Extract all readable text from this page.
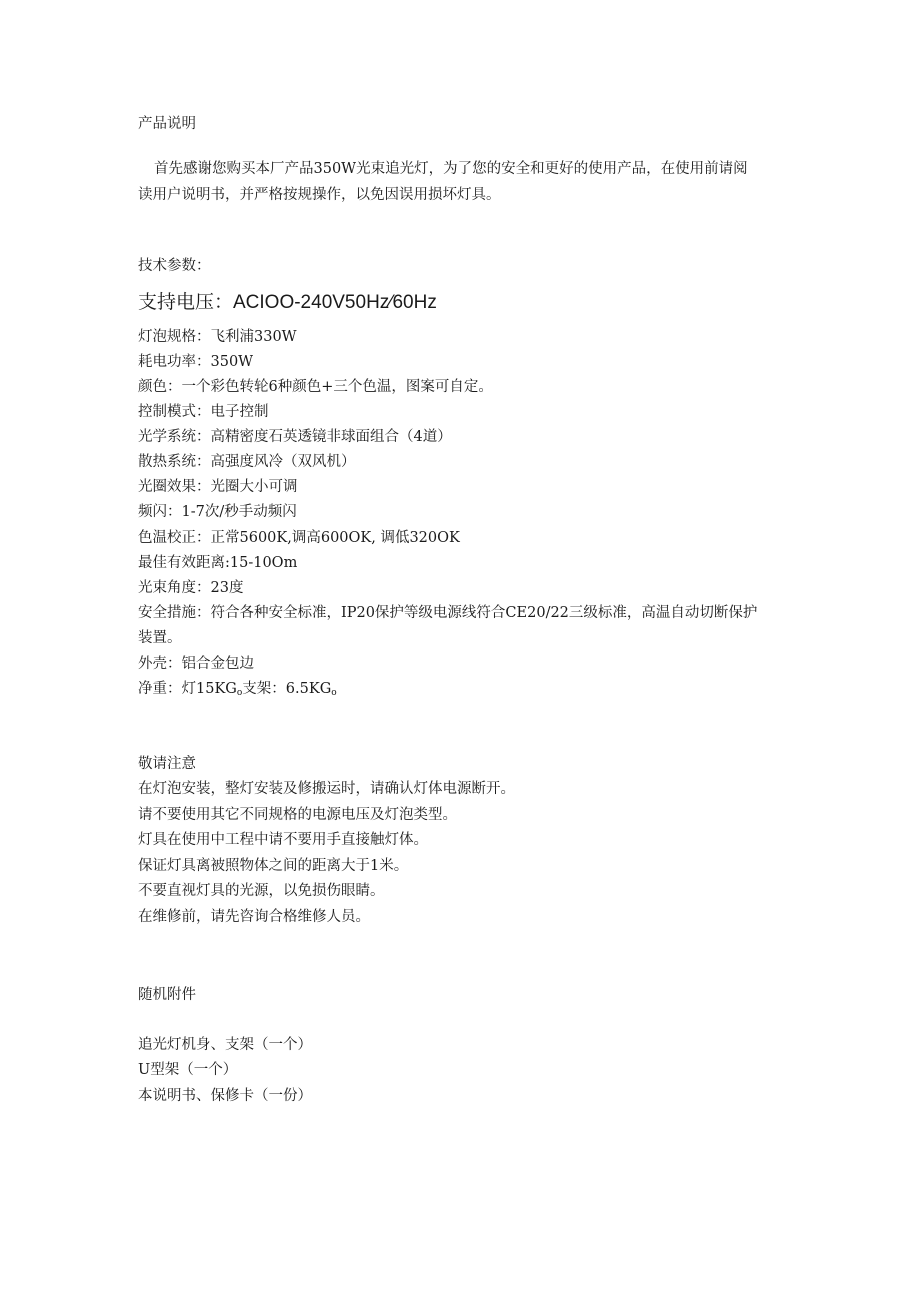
产品说明
首先感谢您购买本厂产品350W光束追光灯，为了您的安全和更好的使用产品，在使用前请阅
读用户说明书，并严格按规操作，以免因误用损坏灯具。
技术参数：
支持电压：ACIOO-240V50Hz⁄60Hz
灯泡规格：飞利浦330W
耗电功率：350W
颜色：一个彩色转轮6种颜色+三个色温，图案可自定。
控制模式：电子控制
光学系统：高精密度石英透镜非球面组合（4道）
散热系统：高强度风冷（双风机）
光圈效果：光圈大小可调
频闪：1-7次/秒手动频闪
色温校正：正常5600K,调高600OK, 调低320OK
最佳有效距离:15-10Om
光束角度：23度
安全措施：符合各种安全标准，IP20保护等级电源线符合CE20/22三级标准，高温自动切断保护
装置。
外壳：铝合金包边
净重：灯$15KG_o$支架：$6.5KG_o$
敬请注意
在灯泡安装，整灯安装及修搬运时，请确认灯体电源断开。
请不要使用其它不同规格的电源电压及灯泡类型。
灯具在使用中工程中请不要用手直接触灯体。
保证灯具离被照物体之间的距离大于1米。
不要直视灯具的光源，以免损伤眼睛。
在维修前，请先咨询合格维修人员。
随机附件
追光灯机身、支架（一个）
U型架（一个）
本说明书、保修卡（一份）
